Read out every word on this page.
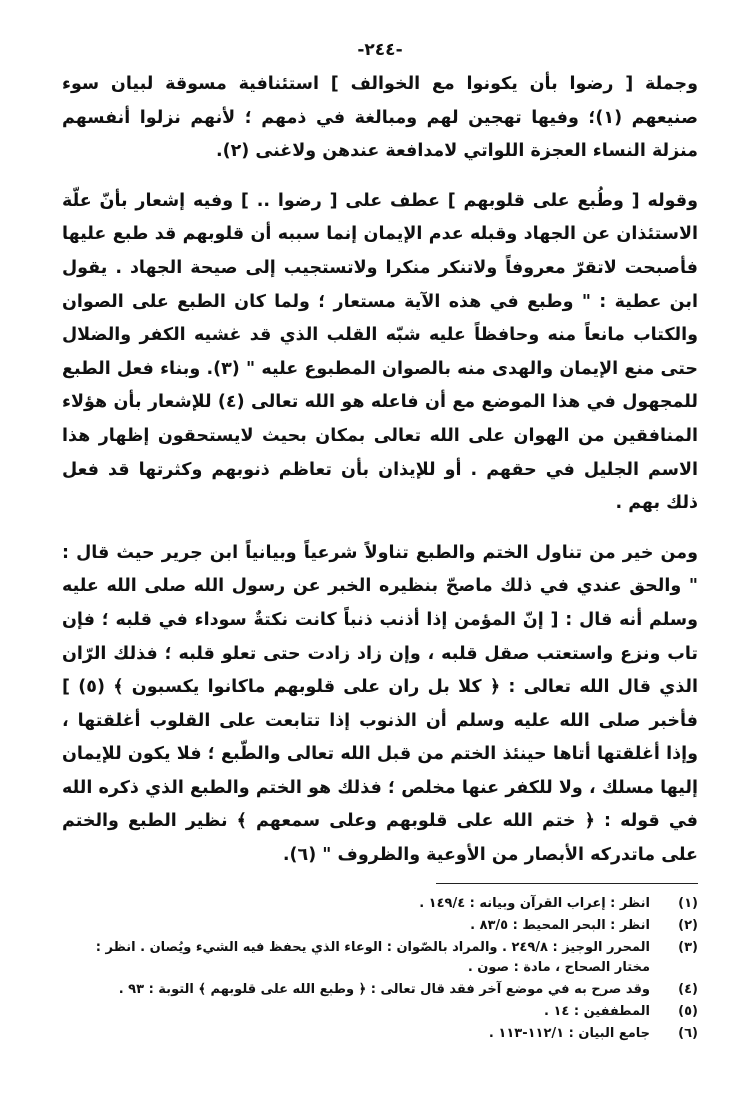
-٢٤٤-

وجملة [ رضوا بأن يكونوا مع الخوالف ] استئنافية مسوقة لبيان سوء صنيعهم (١)؛ وفيها تهجين لهم ومبالغة في ذمهم ؛ لأنهم نزلوا أنفسهم منزلة النساء العجزة اللواتي لامدافعة عندهن ولاغنى (٢).

وقوله [ وطُبع على قلوبهم ] عطف على [ رضوا .. ] وفيه إشعار بأنّ علّة الاستئذان عن الجهاد وقبله عدم الإيمان إنما سببه أن قلوبهم قد طبع عليها فأصبحت لاتقرّ معروفاً ولاتنكر منكرا ولاتستجيب إلى صيحة الجهاد . يقول ابن عطية : " وطبع في هذه الآية مستعار ؛ ولما كان الطبع على الصوان والكتاب مانعاً منه وحافظاً عليه شبّه القلب الذي قد غشيه الكفر والضلال حتى منع الإيمان والهدى منه بالصوان المطبوع عليه " (٣). وبناء فعل الطبع للمجهول في هذا الموضع مع أن فاعله هو الله تعالى (٤) للإشعار بأن هؤلاء المنافقين من الهوان على الله تعالى بمكان بحيث لايستحقون إظهار هذا الاسم الجليل في حقهم . أو للإيذان بأن تعاظم ذنوبهم وكثرتها قد فعل ذلك بهم .

ومن خير من تناول الختم والطبع تناولاً شرعياً وبيانياً ابن جرير حيث قال : " والحق عندي في ذلك ماصحّ بنظيره الخبر عن رسول الله صلى الله عليه وسلم أنه قال : [ إنّ المؤمن إذا أذنب ذنباً كانت نكتةٌ سوداء في قلبه ؛ فإن تاب ونزع واستعتب صقل قلبه ، وإن زاد زادت حتى تعلو قلبه ؛ فذلك الرّان الذي قال الله تعالى : ﴿ كلا بل ران على قلوبهم ماكانوا يكسبون ﴾ (٥) ] فأخبر صلى الله عليه وسلم أن الذنوب إذا تتابعت على القلوب أغلقتها ، وإذا أغلقتها أتاها حينئذ الختم من قبل الله تعالى والطّبع ؛ فلا يكون للإيمان إليها مسلك ، ولا للكفر عنها مخلص ؛ فذلك هو الختم والطبع الذي ذكره الله في قوله : ﴿ ختم الله على قلوبهم وعلى سمعهم ﴾ نظير الطبع والختم على ماتدركه الأبصار من الأوعية والظروف " (٦).

(١)
انظر : إعراب القرآن وبيانه : ١٤٩/٤ .
(٢)
انظر : البحر المحيط : ٨٣/٥ .
(٣)
المحرر الوجيز : ٢٤٩/٨ . والمراد بالصّوان : الوعاء الذي يحفظ فيه الشيء ويُصان . انظر : مختار الصحاح ، مادة : صون .
(٤)
وقد صرح به في موضع آخر فقد قال تعالى : ﴿ وطبع الله على قلوبهم ﴾ التوبة : ٩٣ .
(٥)
المطففين : ١٤ .
(٦)
جامع البيان : ١١٢/١-١١٣ .
